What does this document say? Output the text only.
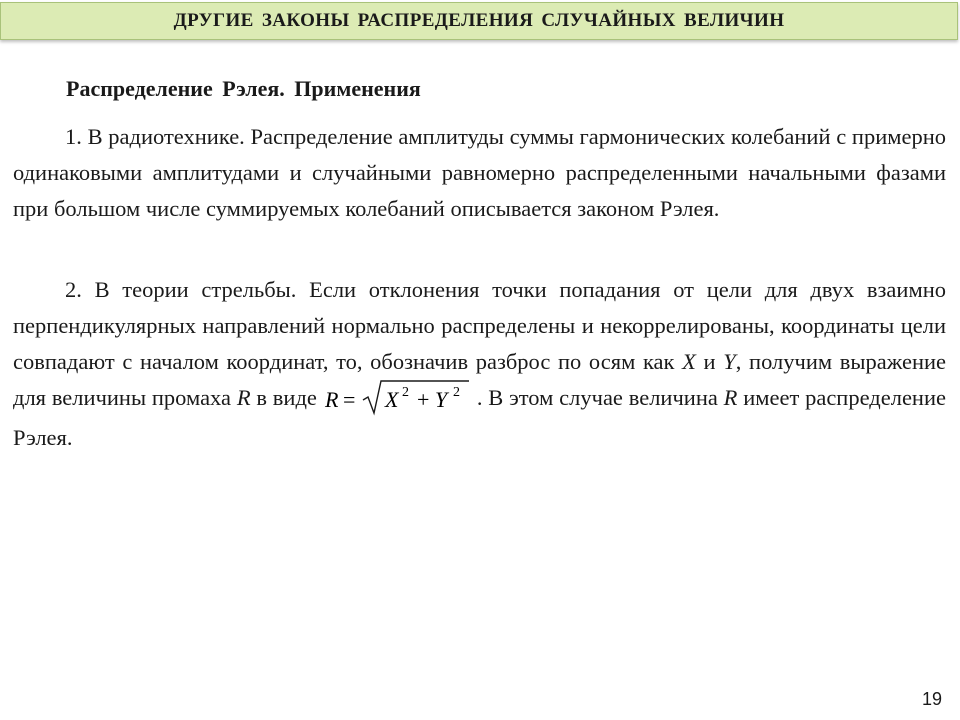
ДРУГИЕ ЗАКОНЫ РАСПРЕДЕЛЕНИЯ СЛУЧАЙНЫХ ВЕЛИЧИН
Распределение Рэлея. Применения
1. В радиотехнике. Распределение амплитуды суммы гармонических колебаний с примерно одинаковыми амплитудами и случайными равномерно распределенными начальными фазами при большом числе суммируемых колебаний описывается законом Рэлея.
2. В теории стрельбы. Если отклонения точки попадания от цели для двух взаимно перпендикулярных направлений нормально распределены и некоррелированы, координаты цели совпадают с началом координат, то, обозначив разброс по осям как X и Y, получим выражение для величины промаха R в виде R = X 2 + Y 2 . В этом случае величина R имеет распределение Рэлея.
19
